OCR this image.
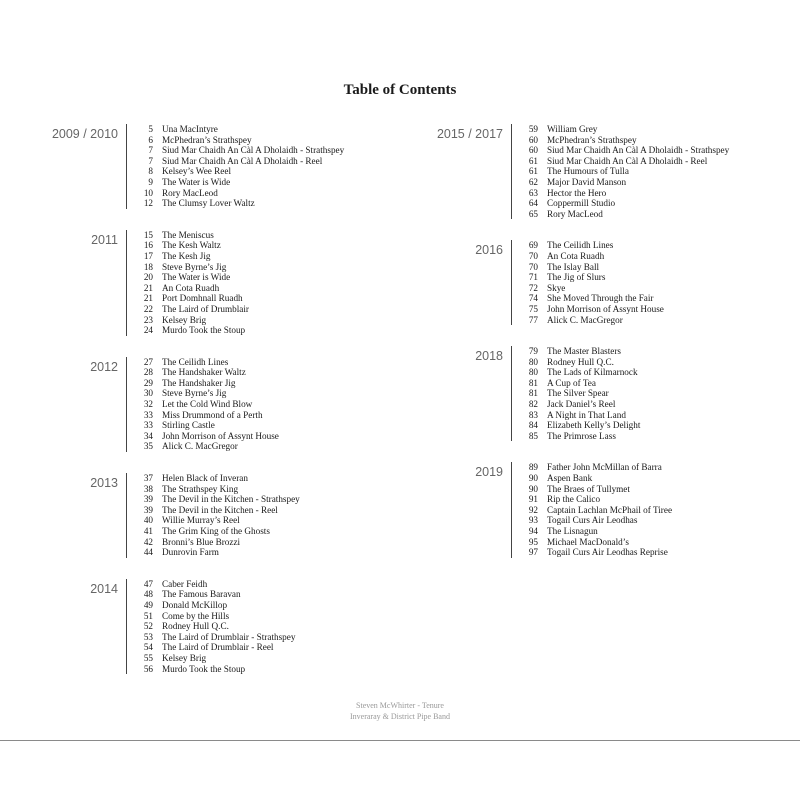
Table of Contents
2009 / 2010	5 Una MacIntyre
6 McPhedran’s Strathspey
7 Siud Mar Chaidh An Càl A Dholaidh - Strathspey
7 Siud Mar Chaidh An Càl A Dholaidh - Reel
8 Kelsey’s Wee Reel
9 The Water is Wide
10 Rory MacLeod
12 The Clumsy Lover Waltz
2011	15 The Meniscus
16 The Kesh Waltz
17 The Kesh Jig
18 Steve Byrne’s Jig
20 The Water is Wide
21 An Cota Ruadh
21 Port Domhnall Ruadh
22 The Laird of Drumblair
23 Kelsey Brig
24 Murdo Took the Stoup
2012	27 The Ceilidh Lines
28 The Handshaker Waltz
29 The Handshaker Jig
30 Steve Byrne’s Jig
32 Let the Cold Wind Blow
33 Miss Drummond of a Perth
33 Stirling Castle
34 John Morrison of Assynt House
35 Alick C. MacGregor
2013	37 Helen Black of Inveran
38 The Strathspey King
39 The Devil in the Kitchen - Strathspey
39 The Devil in the Kitchen - Reel
40 Willie Murray’s Reel
41 The Grim King of the Ghosts
42 Bronni’s Blue Brozzi
44 Dunrovin Farm
2014	47 Caber Feidh
48 The Famous Baravan
49 Donald McKillop
51 Come by the Hills
52 Rodney Hull Q.C.
53 The Laird of Drumblair - Strathspey
54 The Laird of Drumblair - Reel
55 Kelsey Brig
56 Murdo Took the Stoup
2015 / 2017	59 William Grey
60 McPhedran’s Strathspey
60 Siud Mar Chaidh An Càl A Dholaidh - Strathspey
61 Siud Mar Chaidh An Càl A Dholaidh - Reel
61 The Humours of Tulla
62 Major David Manson
63 Hector the Hero
64 Coppermill Studio
65 Rory MacLeod
2016	69 The Ceilidh Lines
70 An Cota Ruadh
70 The Islay Ball
71 The Jig of Slurs
72 Skye
74 She Moved Through the Fair
75 John Morrison of Assynt House
77 Alick C. MacGregor
2018	79 The Master Blasters
80 Rodney Hull Q.C.
80 The Lads of Kilmarnock
81 A Cup of Tea
81 The Silver Spear
82 Jack Daniel’s Reel
83 A Night in That Land
84 Elizabeth Kelly’s Delight
85 The Primrose Lass
2019	89 Father John McMillan of Barra
90 Aspen Bank
90 The Braes of Tullymet
91 Rip the Calico
92 Captain Lachlan McPhail of Tiree
93 Togail Curs Air Leodhas
94 The Lisnagun
95 Michael MacDonald’s
97 Togail Curs Air Leodhas Reprise
Steven McWhirter - Tenure
Inveraray & District Pipe Band
